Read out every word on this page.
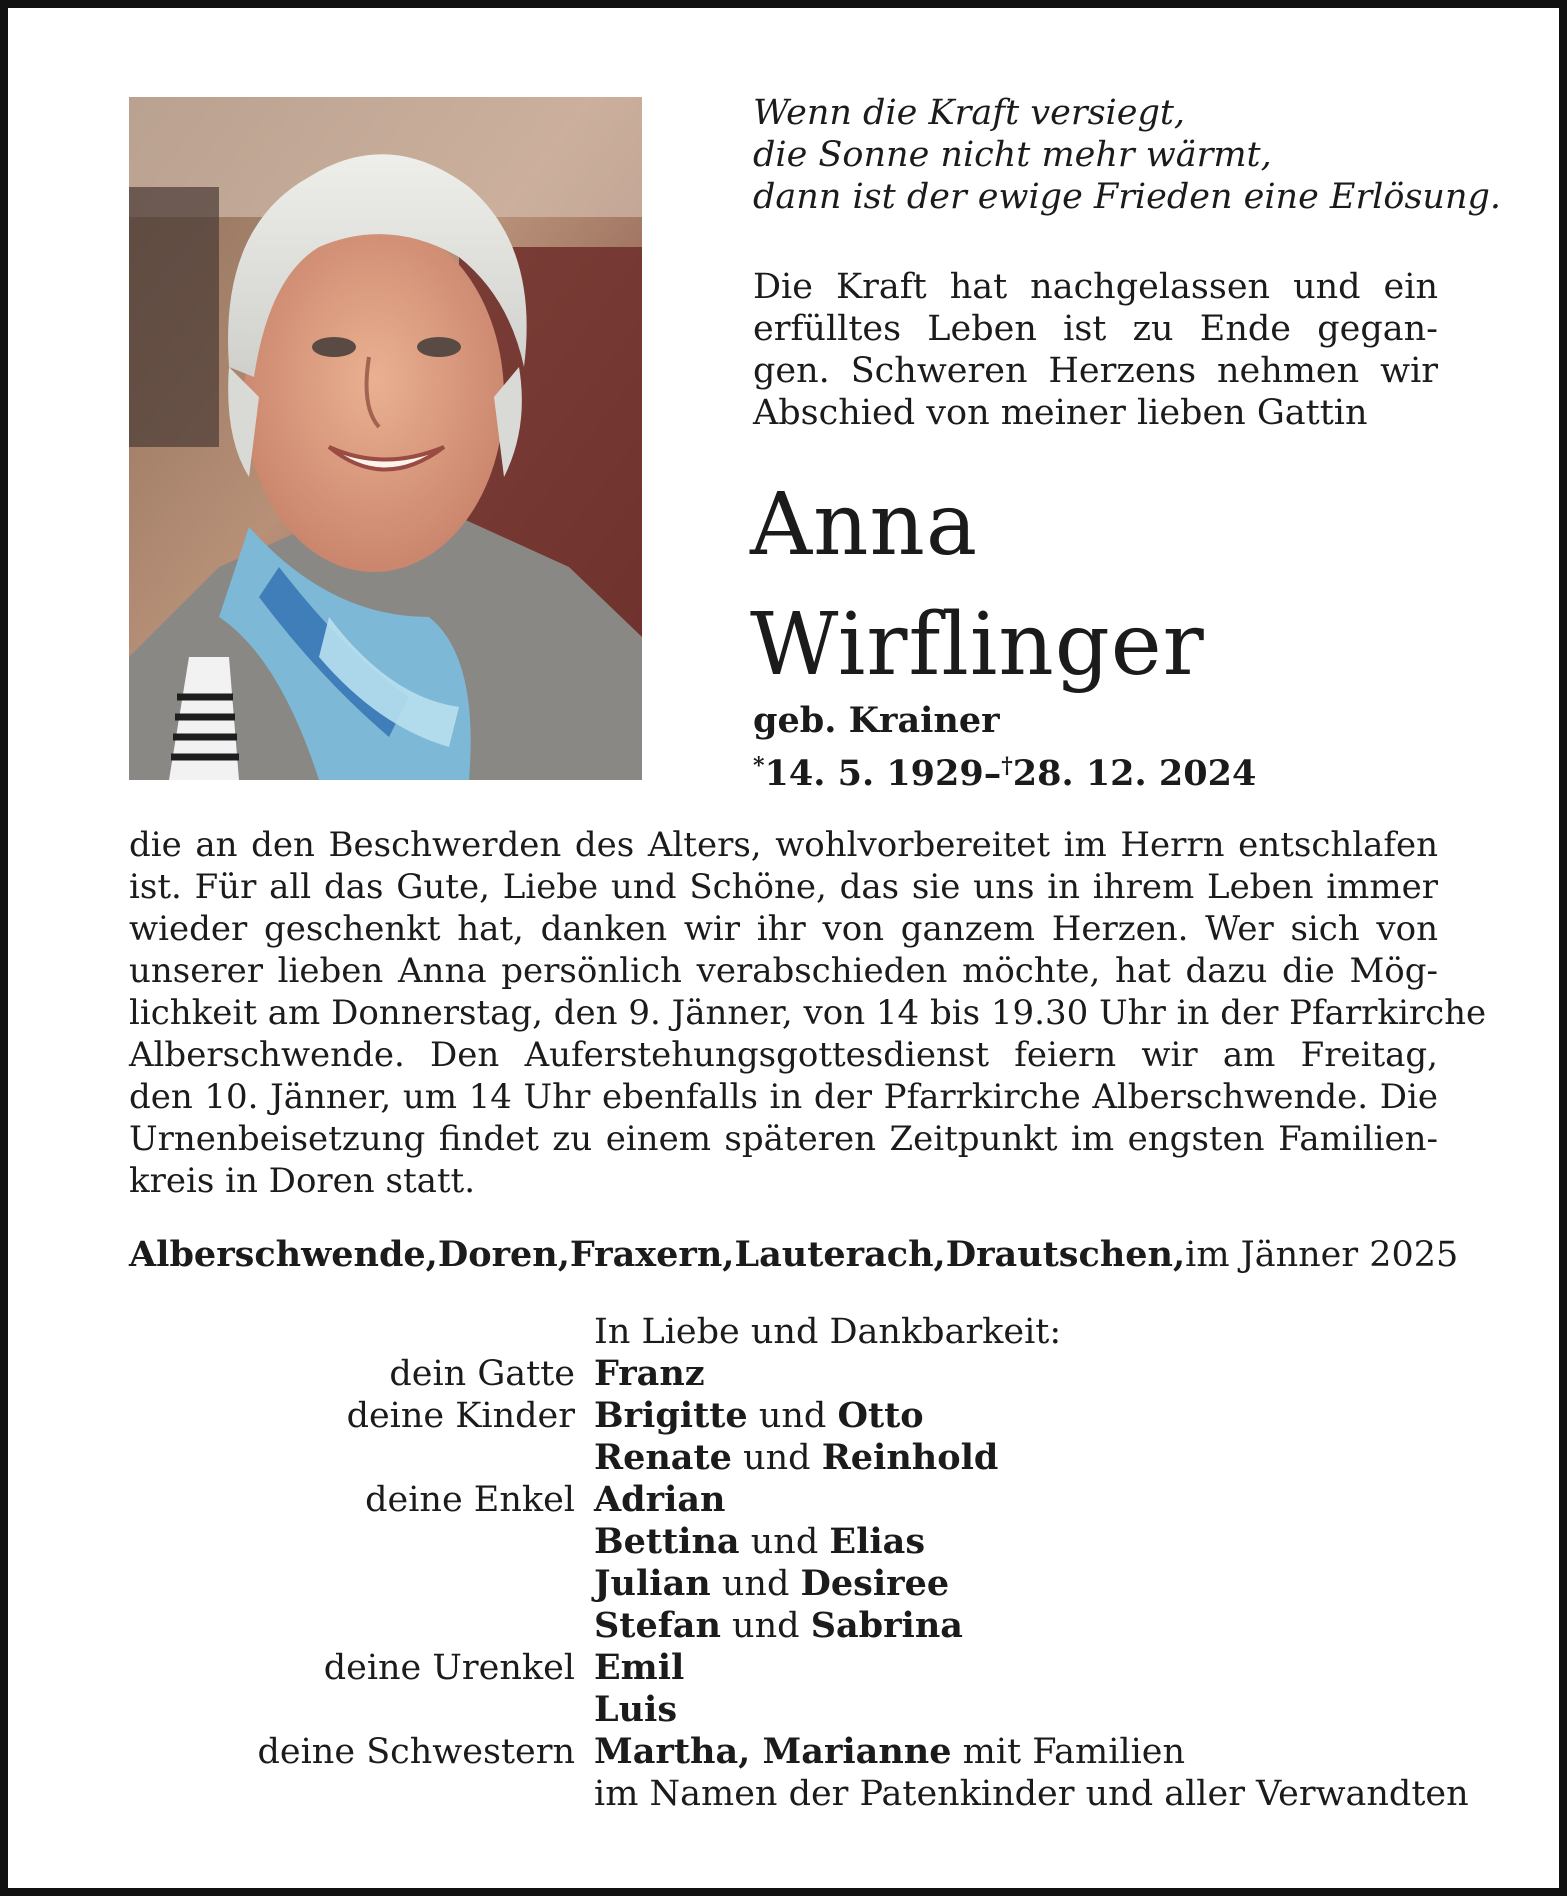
Wenn die Kraft versiegt,
die Sonne nicht mehr wärmt,
dann ist der ewige Frieden eine Erlösung.
Die Kraft hat nachgelassen und ein
erfülltes Leben ist zu Ende gegan-
gen. Schweren Herzens nehmen wir
Abschied von meiner lieben Gattin
Anna
Wirflinger
geb. Krainer
*14. 5. 1929–†28. 12. 2024
die an den Beschwerden des Alters, wohlvorbereitet im Herrn entschlafen
ist. Für all das Gute, Liebe und Schöne, das sie uns in ihrem Leben immer
wieder geschenkt hat, danken wir ihr von ganzem Herzen. Wer sich von
unserer lieben Anna persönlich verabschieden möchte, hat dazu die Mög-
lichkeit am Donnerstag, den 9. Jänner, von 14 bis 19.30 Uhr in der Pfarrkirche
Alberschwende. Den Auferstehungsgottesdienst feiern wir am Freitag,
den 10. Jänner, um 14 Uhr ebenfalls in der Pfarrkirche Alberschwende. Die
Urnenbeisetzung findet zu einem späteren Zeitpunkt im engsten Familien-
kreis in Doren statt.
Alberschwende, Doren, Fraxern, Lauterach, Drautschen, im Jänner 2025
In Liebe und Dankbarkeit:
dein Gatte Franz
deine Kinder Brigitte und Otto
Renate und Reinhold
deine Enkel Adrian
Bettina und Elias
Julian und Desiree
Stefan und Sabrina
deine Urenkel Emil
Luis
deine Schwestern Martha, Marianne mit Familien
im Namen der Patenkinder und aller Verwandten
